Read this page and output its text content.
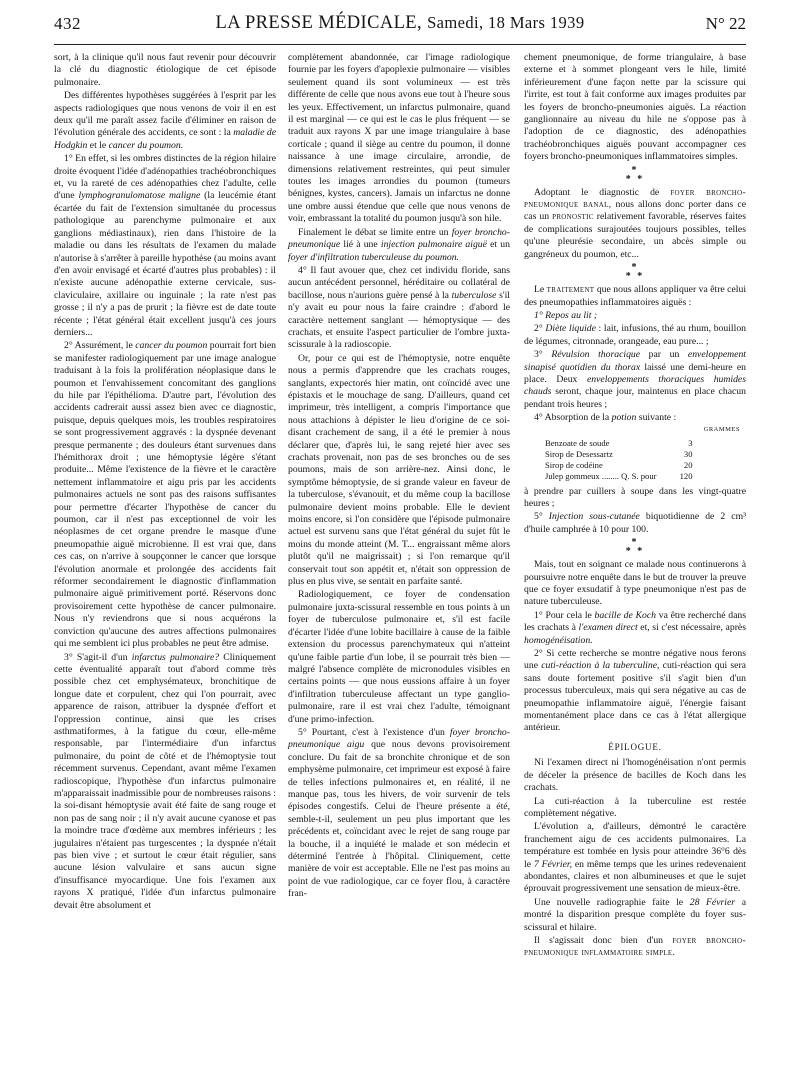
432	LA PRESSE MÉDICALE, Samedi, 18 Mars 1939	N° 22

sort, à la clinique qu'il nous faut revenir pour découvrir la clé du diagnostic étiologique de cet épisode pulmonaire.

Des différentes hypothèses suggérées à l'esprit par les aspects radiologiques que nous venons de voir il en est deux qu'il me paraît assez facile d'éliminer en raison de l'évolution générale des accidents, ce sont : la maladie de Hodgkin et le cancer du poumon.

1° En effet, si les ombres distinctes de la région hilaire droite évoquent l'idée d'adénopathies trachéobronchiques et, vu la rareté de ces adénopathies chez l'adulte, celle d'une lymphogranulomatose maligne (la leucémie étant écartée du fait de l'extension simultanée du processus pathologique au parenchyme pulmonaire et aux ganglions médiastinaux), rien dans l'histoire de la maladie ou dans les résultats de l'examen du malade n'autorise à s'arrêter à pareille hypothèse (au moins avant d'en avoir envisagé et écarté d'autres plus probables) : il n'existe aucune adénopathie externe cervicale, sus-claviculaire, axillaire ou inguinale ; la rate n'est pas grosse ; il n'y a pas de prurit ; la fièvre est de date toute récente ; l'état général était excellent jusqu'à ces jours derniers...

2° Assurément, le cancer du poumon pourrait fort bien se manifester radiologiquement par une image analogue traduisant à la fois la prolifération néoplasique dans le poumon et l'envahissement concomitant des ganglions du hile par l'épithélioma. D'autre part, l'évolution des accidents cadrerait aussi assez bien avec ce diagnostic, puisque, depuis quelques mois, les troubles respiratoires se sont progressivement aggravés : la dyspnée devenant presque permanente ; des douleurs étant survenues dans l'hémithorax droit ; une hémoptysie légère s'étant produite... Même l'existence de la fièvre et le caractère nettement inflammatoire et aigu pris par les accidents pulmonaires actuels ne sont pas des raisons suffisantes pour permettre d'écarter l'hypothèse de cancer du poumon, car il n'est pas exceptionnel de voir les néoplasmes de cet organe prendre le masque d'une pneumopathie aiguë microbienne. Il est vrai que, dans ces cas, on n'arrive à soupçonner le cancer que lorsque l'évolution anormale et prolongée des accidents fait réformer secondairement le diagnostic d'inflammation pulmonaire aiguë primitivement porté. Réservons donc provisoirement cette hypothèse de cancer pulmonaire. Nous n'y reviendrons que si nous acquérons la conviction qu'aucune des autres affections pulmonaires qui me semblent ici plus probables ne peut être admise.

3° S'agit-il d'un infarctus pulmonaire? Cliniquement cette éventualité apparaît tout d'abord comme très possible chez cet emphysémateux, bronchitique de longue date et corpulent, chez qui l'on pourrait, avec apparence de raison, attribuer la dyspnée d'effort et l'oppression continue, ainsi que les crises asthmatiformes, à la fatigue du cœur, elle-même responsable, par l'intermédiaire d'un infarctus pulmonaire, du point de côté et de l'hémoptysie tout récemment survenus. Cependant, avant même l'examen radioscopique, l'hypothèse d'un infarctus pulmonaire m'apparaissait inadmissible pour de nombreuses raisons : la soi-disant hémoptysie avait été faite de sang rouge et non pas de sang noir ; il n'y avait aucune cyanose et pas la moindre trace d'œdème aux membres inférieurs ; les jugulaires n'étaient pas turgescentes ; la dyspnée n'était pas bien vive ; et surtout le cœur était régulier, sans aucune lésion valvulaire et sans aucun signe d'insuffisance myocardique. Une fois l'examen aux rayons X pratiqué, l'idée d'un infarctus pulmonaire devait être absolument et

complètement abandonnée, car l'image radiologique fournie par les foyers d'apoplexie pulmonaire — visibles seulement quand ils sont volumineux — est très différente de celle que nous avons eue tout à l'heure sous les yeux. Effectivement, un infarctus pulmonaire, quand il est marginal — ce qui est le cas le plus fréquent — se traduit aux rayons X par une image triangulaire à base corticale ; quand il siège au centre du poumon, il donne naissance à une image circulaire, arrondie, de dimensions relativement restreintes, qui peut simuler toutes les images arrondies du poumon (tumeurs bénignes, kystes, cancers). Jamais un infarctus ne donne une ombre aussi étendue que celle que nous venons de voir, embrassant la totalité du poumon jusqu'à son hile.

Finalement le débat se limite entre un foyer broncho-pneumonique lié à une injection pulmonaire aiguë et un foyer d'infiltration tuberculeuse du poumon.

4° Il faut avouer que, chez cet individu floride, sans aucun antécédent personnel, héréditaire ou collatéral de bacillose, nous n'aurions guère pensé à la tuberculose s'il n'y avait eu pour nous la faire craindre : d'abord le caractère nettement sanglant — hémoptysique — des crachats, et ensuite l'aspect particulier de l'ombre juxta-scissurale à la radioscopie.

Or, pour ce qui est de l'hémoptysie, notre enquête nous a permis d'apprendre que les crachats rouges, sanglants, expectorés hier matin, ont coïncidé avec une épistaxis et le mouchage de sang. D'ailleurs, quand cet imprimeur, très intelligent, a compris l'importance que nous attachions à dépister le lieu d'origine de ce soi-disant crachement de sang, il a été le premier à nous déclarer que, d'après lui, le sang rejeté hier avec ses crachats provenait, non pas de ses bronches ou de ses poumons, mais de son arrière-nez. Ainsi donc, le symptôme hémoptysie, de si grande valeur en faveur de la tuberculose, s'évanouit, et du même coup la bacillose pulmonaire devient moins probable. Elle le devient moins encore, si l'on considère que l'épisode pulmonaire actuel est survenu sans que l'état général du sujet fût le moins du monde atteint (M. T... engraissant même alors plutôt qu'il ne maigrissait) ; si l'on remarque qu'il conservait tout son appétit et, n'était son oppression de plus en plus vive, se sentait en parfaite santé.

Radiologiquement, ce foyer de condensation pulmonaire juxta-scissural ressemble en tous points à un foyer de tuberculose pulmonaire et, s'il est facile d'écarter l'idée d'une lobite bacillaire à cause de la faible extension du processus parenchymateux qui n'atteint qu'une faible partie d'un lobe, il se pourrait très bien — malgré l'absence complète de micronodules visibles en certains points — que nous eussions affaire à un foyer d'infiltration tuberculeuse affectant un type ganglio-pulmonaire, rare il est vrai chez l'adulte, témoignant d'une primo-infection.

5° Pourtant, c'est à l'existence d'un foyer broncho-pneumonique aigu que nous devons provisoirement conclure. Du fait de sa bronchite chronique et de son emphysème pulmonaire, cet imprimeur est exposé à faire de telles infections pulmonaires et, en réalité, il ne manque pas, tous les hivers, de voir survenir de tels épisodes congestifs. Celui de l'heure présente a été, semble-t-il, seulement un peu plus important que les précédents et, coïncidant avec le rejet de sang rouge par la bouche, il a inquiété le malade et son médecin et déterminé l'entrée à l'hôpital. Cliniquement, cette manière de voir est acceptable. Elle ne l'est pas moins au point de vue radiologique, car ce foyer flou, à caractère fran-

chement pneumonique, de forme triangulaire, à base externe et à sommet plongeant vers le hile, limité inférieurement d'une façon nette par la scissure qui l'irrite, est tout à fait conforme aux images produites par les foyers de broncho-pneumonies aiguës. La réaction ganglionnaire au niveau du hile ne s'oppose pas à l'adoption de ce diagnostic, des adénopathies trachéobronchiques aiguës pouvant accompagner ces foyers broncho-pneumoniques inflammatoires simples.

*
* *

Adoptant le diagnostic de foyer broncho-pneumonique banal, nous allons donc porter dans ce cas un pronostic relativement favorable, réserves faites de complications surajoutées toujours possibles, telles qu'une pleurésie secondaire, un abcès simple ou gangréneux du poumon, etc...

*
* *

Le traitement que nous allons appliquer va être celui des pneumopathies inflammatoires aiguës :

1° Repos au lit ;

2° Diète liquide : lait, infusions, thé au rhum, bouillon de légumes, citronnade, orangeade, eau pure... ;

3° Révulsion thoracique par un enveloppement sinapisé quotidien du thorax laissé une demi-heure en place. Deux enveloppements thoraciques humides chauds seront, chaque jour, maintenus en place chacun pendant trois heures ;

4° Absorption de la potion suivante :

GRAMMES
Benzoate de soude	3
Sirop de Desessartz	30
Sirop de codéine	20
Julep gommeux ........ Q. S. pour	120

à prendre par cuillers à soupe dans les vingt-quatre heures ;

5° Injection sous-cutanée biquotidienne de 2 cm³ d'huile camphrée à 10 pour 100.

*
* *

Mais, tout en soignant ce malade nous continuerons à poursuivre notre enquête dans le but de trouver la preuve que ce foyer exsudatif à type pneumonique n'est pas de nature tuberculeuse.

1° Pour cela le bacille de Koch va être recherché dans les crachats à l'examen direct et, si c'est nécessaire, après homogénéisation.

2° Si cette recherche se montre négative nous ferons une cuti-réaction à la tuberculine, cuti-réaction qui sera sans doute fortement positive s'il s'agit bien d'un processus tuberculeux, mais qui sera négative au cas de pneumopathie inflammatoire aiguë, l'énergie faisant momentanément place dans ce cas à l'état allergique antérieur.

ÉPILOGUE.

Ni l'examen direct ni l'homogénéisation n'ont permis de déceler la présence de bacilles de Koch dans les crachats.

La cuti-réaction à la tuberculine est restée complètement négative.

L'évolution a, d'ailleurs, démontré le caractère franchement aigu de ces accidents pulmonaires. La température est tombée en lysis pour atteindre 36°6 dès le 7 Février, en même temps que les urines redevenaient abondantes, claires et non albumineuses et que le sujet éprouvait progressivement une sensation de mieux-être.

Une nouvelle radiographie faite le 28 Février a montré la disparition presque complète du foyer sus-scissural et hilaire.

Il s'agissait donc bien d'un foyer broncho-pneumonique inflammatoire simple.
